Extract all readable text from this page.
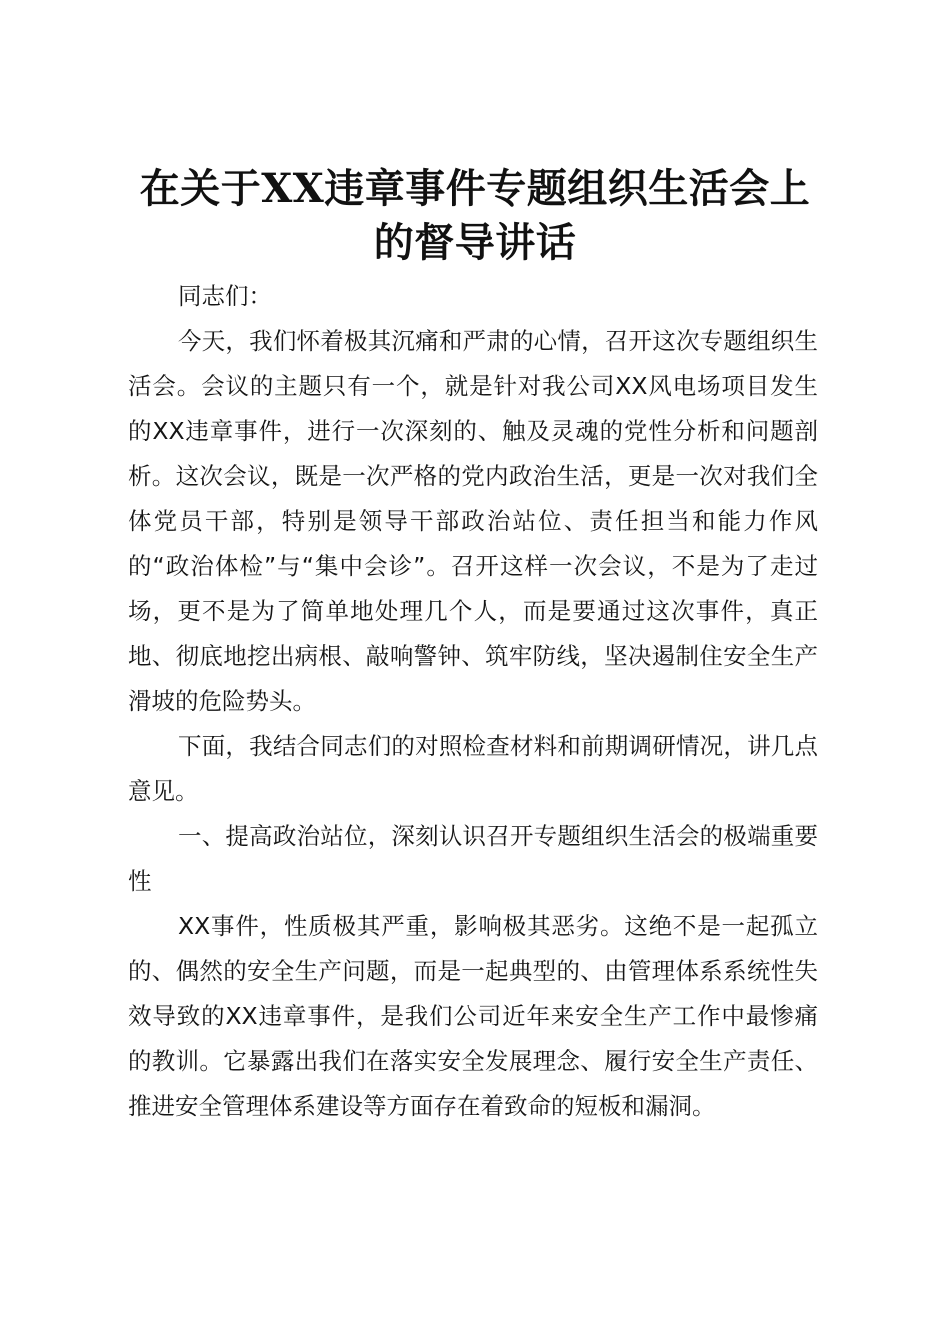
在关于XX违章事件专题组织生活会上
的督导讲话

同志们：

今天，我们怀着极其沉痛和严肃的心情，召开这次专题组织生活会。会议的主题只有一个，就是针对我公司XX风电场项目发生的XX违章事件，进行一次深刻的、触及灵魂的党性分析和问题剖析。这次会议，既是一次严格的党内政治生活，更是一次对我们全体党员干部，特别是领导干部政治站位、责任担当和能力作风的“政治体检”与“集中会诊”。召开这样一次会议，不是为了走过场，更不是为了简单地处理几个人，而是要通过这次事件，真正地、彻底地挖出病根、敲响警钟、筑牢防线，坚决遏制住安全生产滑坡的危险势头。

下面，我结合同志们的对照检查材料和前期调研情况，讲几点意见。

一、提高政治站位，深刻认识召开专题组织生活会的极端重要性

XX事件，性质极其严重，影响极其恶劣。这绝不是一起孤立的、偶然的安全生产问题，而是一起典型的、由管理体系系统性失效导致的XX违章事件，是我们公司近年来安全生产工作中最惨痛的教训。它暴露出我们在落实安全发展理念、履行安全生产责任、推进安全管理体系建设等方面存在着致命的短板和漏洞。
